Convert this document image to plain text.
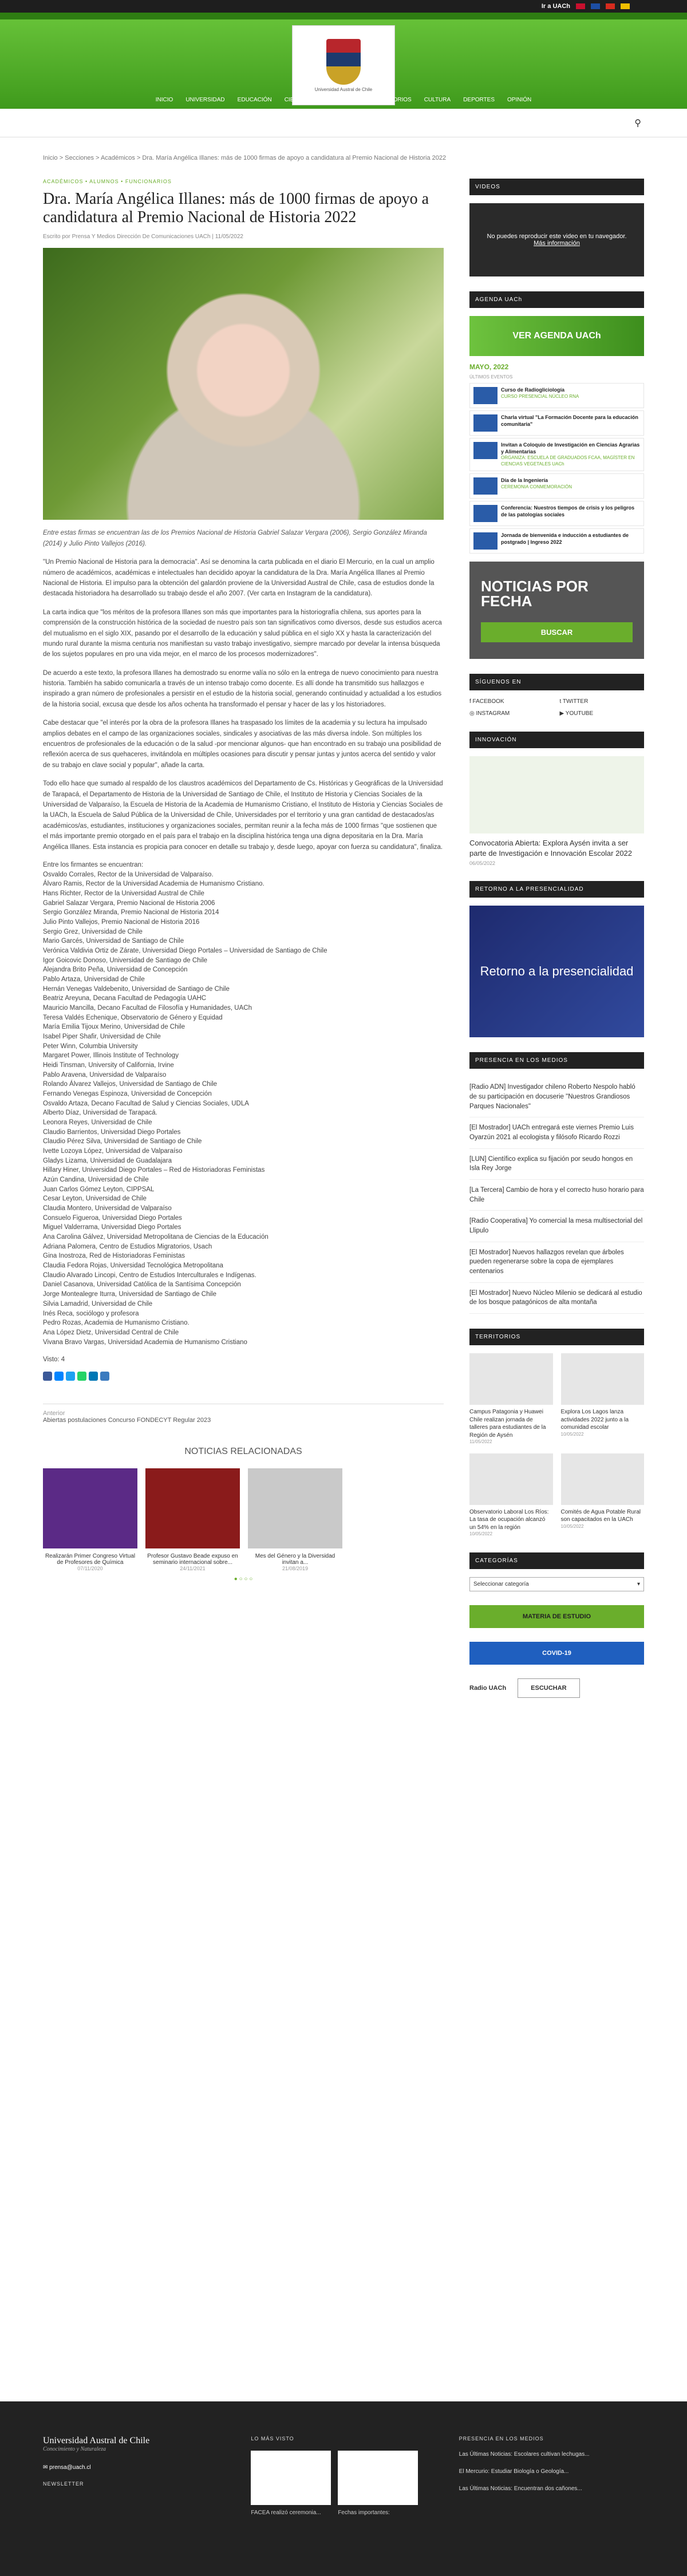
Ir a UACh
Universidad Austral de Chile
INICIO UNIVERSIDAD EDUCACIÓN CIENCIAS INNOVACIÓN TERRITORIOS CULTURA DEPORTES OPINIÓN
⚲
Inicio > Secciones > Académicos > Dra. María Angélica Illanes: más de 1000 firmas de apoyo a candidatura al Premio Nacional de Historia 2022
ACADÉMICOS • ALUMNOS • FUNCIONARIOS
Dra. María Angélica Illanes: más de 1000 firmas de apoyo a candidatura al Premio Nacional de Historia 2022
Escrito por Prensa Y Medios Dirección De Comunicaciones UACh | 11/05/2022

Entre estas firmas se encuentran las de los Premios Nacional de Historia Gabriel Salazar Vergara (2006), Sergio González Miranda (2014) y Julio Pinto Vallejos (2016).

"Un Premio Nacional de Historia para la democracia". Así se denomina la carta publicada en el diario El Mercurio, en la cual un amplio número de académicos, académicas e intelectuales han decidido apoyar la candidatura de la Dra. María Angélica Illanes al Premio Nacional de Historia. El impulso para la obtención del galardón proviene de la Universidad Austral de Chile, casa de estudios donde la destacada historiadora ha desarrollado su trabajo desde el año 2007. (Ver carta en Instagram de la candidatura).

La carta indica que "los méritos de la profesora Illanes son más que importantes para la historiografía chilena, sus aportes para la comprensión de la construcción histórica de la sociedad de nuestro país son tan significativos como diversos, desde sus estudios acerca del mutualismo en el siglo XIX, pasando por el desarrollo de la educación y salud pública en el siglo XX y hasta la caracterización del mundo rural durante la misma centuria nos manifiestan su vasto trabajo investigativo, siempre marcado por develar la intensa búsqueda de los sujetos populares en pro una vida mejor, en el marco de los procesos modernizadores".

De acuerdo a este texto, la profesora Illanes ha demostrado su enorme valía no sólo en la entrega de nuevo conocimiento para nuestra historia. También ha sabido comunicarla a través de un intenso trabajo como docente. Es allí donde ha transmitido sus hallazgos e inspirado a gran número de profesionales a persistir en el estudio de la historia social, generando continuidad y actualidad a los estudios de la historia social, excusa que desde los años ochenta ha transformado el pensar y hacer de las y los historiadores.

Cabe destacar que "el interés por la obra de la profesora Illanes ha traspasado los límites de la academia y su lectura ha impulsado amplios debates en el campo de las organizaciones sociales, sindicales y asociativas de las más diversa índole. Son múltiples los encuentros de profesionales de la educación o de la salud -por mencionar algunos- que han encontrado en su trabajo una posibilidad de reflexión acerca de sus quehaceres, invitándola en múltiples ocasiones para discutir y pensar juntas y juntos acerca del sentido y valor de su trabajo en clave social y popular", añade la carta.

Todo ello hace que sumado al respaldo de los claustros académicos del Departamento de Cs. Históricas y Geográficas de la Universidad de Tarapacá, el Departamento de Historia de la Universidad de Santiago de Chile, el Instituto de Historia y Ciencias Sociales de la Universidad de Valparaíso, la Escuela de Historia de la Academia de Humanismo Cristiano, el Instituto de Historia y Ciencias Sociales de la UACh, la Escuela de Salud Pública de la Universidad de Chile, Universidades por el territorio y una gran cantidad de destacados/as académicos/as, estudiantes, instituciones y organizaciones sociales, permitan reunir a la fecha más de 1000 firmas "que sostienen que el más importante premio otorgado en el país para el trabajo en la disciplina histórica tenga una digna depositaria en la Dra. María Angélica Illanes. Esta instancia es propicia para conocer en detalle su trabajo y, desde luego, apoyar con fuerza su candidatura", finaliza.

Entre los firmantes se encuentran:
Osvaldo Corrales, Rector de la Universidad de Valparaíso.
Álvaro Ramis, Rector de la Universidad Academia de Humanismo Cristiano.
Hans Richter, Rector de la Universidad Austral de Chile
Gabriel Salazar Vergara, Premio Nacional de Historia 2006
Sergio González Miranda, Premio Nacional de Historia 2014
Julio Pinto Vallejos, Premio Nacional de Historia 2016
Sergio Grez, Universidad de Chile
Mario Garcés, Universidad de Santiago de Chile
Verónica Valdivia Ortiz de Zárate, Universidad Diego Portales – Universidad de Santiago de Chile
Igor Goicovic Donoso, Universidad de Santiago de Chile
Alejandra Brito Peña, Universidad de Concepción
Pablo Artaza, Universidad de Chile
Hernán Venegas Valdebenito, Universidad de Santiago de Chile
Beatriz Areyuna, Decana Facultad de Pedagogía UAHC
Mauricio Mancilla, Decano Facultad de Filosofía y Humanidades, UACh
Teresa Valdés Echenique, Observatorio de Género y Equidad
María Emilia Tijoux Merino, Universidad de Chile
Isabel Piper Shafir, Universidad de Chile
Peter Winn, Columbia University
Margaret Power, Illinois Institute of Technology
Heidi Tinsman, University of California, Irvine
Pablo Aravena, Universidad de Valparaíso
Rolando Álvarez Vallejos, Universidad de Santiago de Chile
Fernando Venegas Espinoza, Universidad de Concepción
Osvaldo Artaza, Decano Facultad de Salud y Ciencias Sociales, UDLA
Alberto Díaz, Universidad de Tarapacá.
Leonora Reyes, Universidad de Chile
Claudio Barrientos, Universidad Diego Portales
Claudio Pérez Silva, Universidad de Santiago de Chile
Ivette Lozoya López, Universidad de Valparaíso
Gladys Lizama, Universidad de Guadalajara
Hillary Hiner, Universidad Diego Portales – Red de Historiadoras Feministas
Azún Candina, Universidad de Chile
Juan Carlos Gómez Leyton, CIPPSAL
Cesar Leyton, Universidad de Chile
Claudia Montero, Universidad de Valparaíso
Consuelo Figueroa, Universidad Diego Portales
Miguel Valderrama, Universidad Diego Portales
Ana Carolina Gálvez, Universidad Metropolitana de Ciencias de la Educación
Adriana Palomera, Centro de Estudios Migratorios, Usach
Gina Inostroza, Red de Historiadoras Feministas
Claudia Fedora Rojas, Universidad Tecnológica Metropolitana
Claudio Alvarado Lincopi, Centro de Estudios Interculturales e Indígenas.
Daniel Casanova, Universidad Católica de la Santísima Concepción
Jorge Montealegre Iturra, Universidad de Santiago de Chile
Silvia Lamadrid, Universidad de Chile
Inés Reca, sociólogo y profesora
Pedro Rozas, Academia de Humanismo Cristiano.
Ana López Dietz, Universidad Central de Chile
Vivana Bravo Vargas, Universidad Academia de Humanismo Cristiano
Visto: 4
Anterior
Abiertas postulaciones Concurso FONDECYT Regular 2023
NOTICIAS RELACIONADAS
Realizarán Primer Congreso Virtual de Profesores de Química
07/11/2020
Profesor Gustavo Beade expuso en seminario internacional sobre...
24/11/2021
Mes del Género y la Diversidad invitan a...
21/08/2019
● ○ ○ ○
VIDEOS
No puedes reproducir este video en tu navegador.
Más información
AGENDA UACh
VER AGENDA UACh
MAYO, 2022
ÚLTIMOS EVENTOS
Curso de Radiogliciología
CURSO PRESENCIAL NÚCLEO RNA
Charla virtual "La Formación Docente para la educación comunitaria"
Invitan a Coloquio de Investigación en Ciencias Agrarias y Alimentarias
ORGANIZA: ESCUELA DE GRADUADOS FCAA, MAGÍSTER EN CIENCIAS VEGETALES UACh
Día de la Ingeniería
CEREMONIA CONMEMORACIÓN
Conferencia: Nuestros tiempos de crisis y los peligros de las patologías sociales
Jornada de bienvenida e inducción a estudiantes de postgrado | Ingreso 2022
NOTICIAS POR FECHA
BUSCAR
SÍGUENOS EN
f FACEBOOK	t TWITTER
◎ INSTAGRAM	▶ YOUTUBE
INNOVACIÓN
Convocatoria Abierta: Explora Aysén invita a ser parte de Investigación e Innovación Escolar 2022
06/05/2022
RETORNO A LA PRESENCIALIDAD
Retorno a la presencialidad
PRESENCIA EN LOS MEDIOS
[Radio ADN] Investigador chileno Roberto Nespolo habló de su participación en docuserie "Nuestros Grandiosos Parques Nacionales"
[El Mostrador] UACh entregará este viernes Premio Luis Oyarzún 2021 al ecologista y filósofo Ricardo Rozzi
[LUN] Científico explica su fijación por seudo hongos en Isla Rey Jorge
[La Tercera] Cambio de hora y el correcto huso horario para Chile
[Radio Cooperativa] Yo comercial la mesa multisectorial del Llipulo
[El Mostrador] Nuevos hallazgos revelan que árboles pueden regenerarse sobre la copa de ejemplares centenarios
[El Mostrador] Nuevo Núcleo Milenio se dedicará al estudio de los bosque patagónicos de alta montaña
TERRITORIOS
Campus Patagonia y Huawei Chile realizan jornada de talleres para estudiantes de la Región de Aysén
11/05/2022
Explora Los Lagos lanza actividades 2022 junto a la comunidad escolar
10/05/2022
Observatorio Laboral Los Ríos: La tasa de ocupación alcanzó un 54% en la región
10/05/2022
Comités de Agua Potable Rural son capacitados en la UACh
10/05/2022
CATEGORÍAS
Seleccionar categoría	▾
MATERIA DE ESTUDIO
COVID-19
Radio UACh	ESCUCHAR
Universidad Austral de Chile
Conocimiento y Naturaleza

✉ prensa@uach.cl

NEWSLETTER
LO MÁS VISTO
FACEA realizó ceremonia...	Fechas importantes:
PRESENCIA EN LOS MEDIOS

Las Últimas Noticias: Escolares cultivan lechugas...

El Mercurio: Estudiar Biología o Geología...

Las Últimas Noticias: Encuentran dos cañones...
